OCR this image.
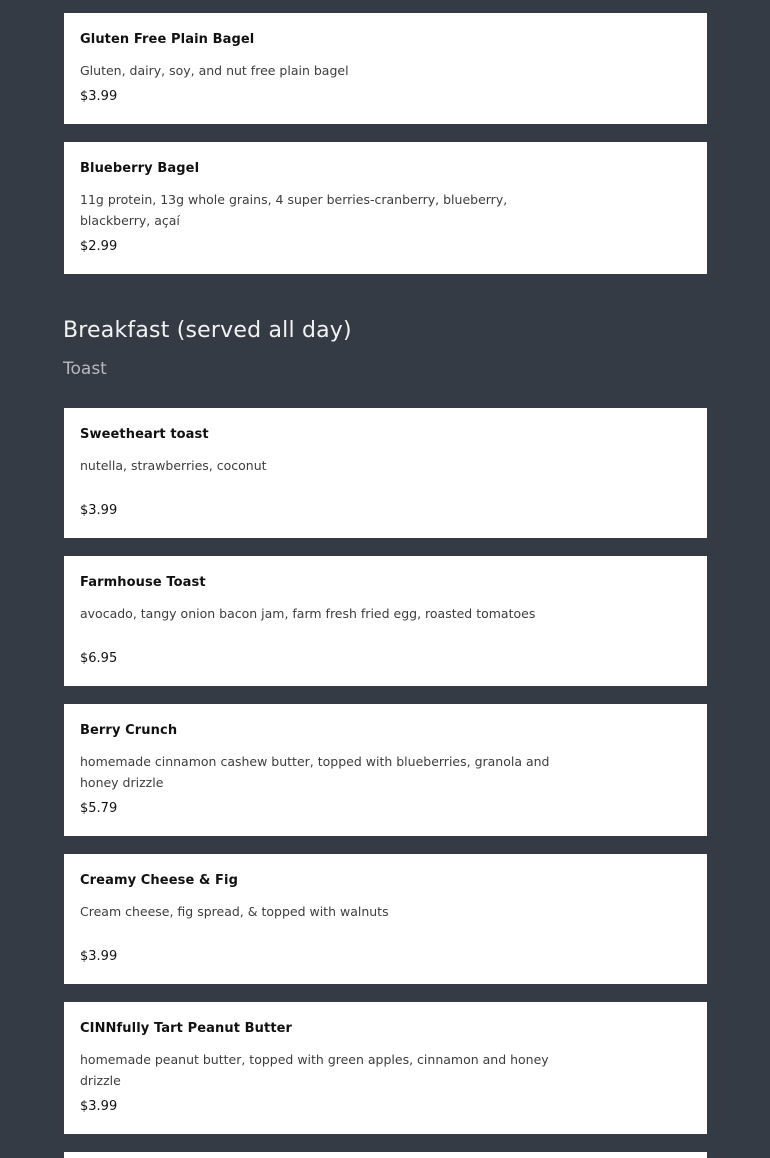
Gluten Free Plain Bagel

Gluten, dairy, soy, and nut free plain bagel

$3.99

Blueberry Bagel

11g protein, 13g whole grains, 4 super berries-cranberry, blueberry, blackberry, açaí

$2.99
Breakfast (served all day)
Toast

Sweetheart toast

nutella, strawberries, coconut

$3.99

Farmhouse Toast

avocado, tangy onion bacon jam, farm fresh fried egg, roasted tomatoes

$6.95

Berry Crunch

homemade cinnamon cashew butter, topped with blueberries, granola and honey drizzle

$5.79

Creamy Cheese & Fig

Cream cheese, fig spread, & topped with walnuts

$3.99

CINNfully Tart Peanut Butter

homemade peanut butter, topped with green apples, cinnamon and honey drizzle

$3.99
